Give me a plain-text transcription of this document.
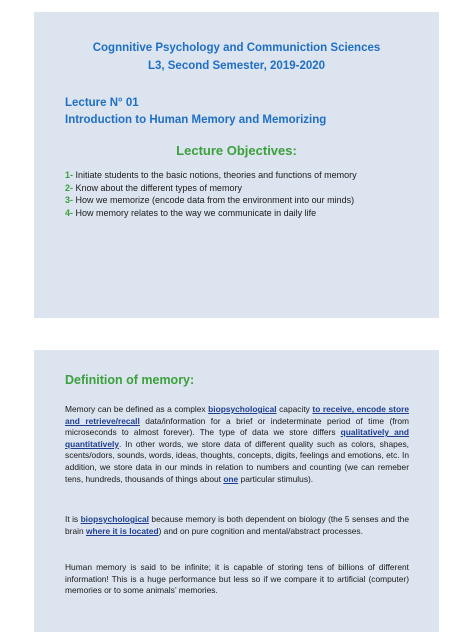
Cognnitive Psychology and Communiction Sciences
L3, Second Semester, 2019-2020
Lecture N° 01
Introduction to Human Memory and Memorizing
Lecture Objectives:
1- Initiate students to the basic notions, theories and functions of memory
2- Know about the different types of memory
3- How we memorize (encode data from the environment into our minds)
4- How memory relates to the way we communicate in daily life
Definition of memory:

Memory can be defined as a complex biopsychological capacity to receive, encode store and retrieve/recall data/information for a brief or indeterminate period of time (from microseconds to almost forever). The type of data we store differs qualitatively and quantitatively. In other words, we store data of different quality such as colors, shapes, scents/odors, sounds, words, ideas, thoughts, concepts, digits, feelings and emotions, etc. In addition, we store data in our minds in relation to numbers and counting (we can remeber tens, hundreds, thousands of things about one particular stimulus).

It is biopsychological because memory is both dependent on biology (the 5 senses and the brain where it is located) and on pure cognition and mental/abstract processes.

Human memory is said to be infinite; it is capable of storing tens of billions of different information! This is a huge performance but less so if we compare it to artificial (computer) memories or to some animals’ memories.
